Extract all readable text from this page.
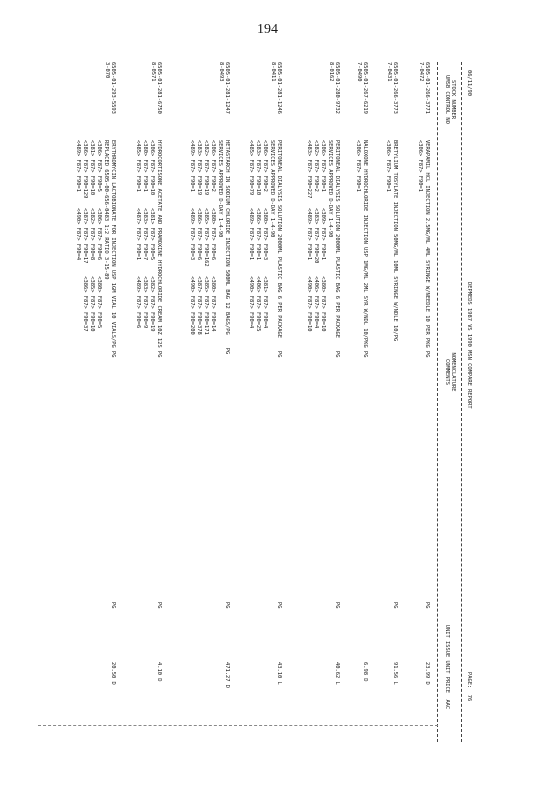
194
06/11/90
DEPMEDS 1987 VS 1990 MSN COMPARE REPORT
PAGE:  76
STOCK NUMBER
UMSB CONTROL NO
NOMENCLATURE
COMMENTS
UNIT ISSUE UNIT PRICE  AAC
6505-01-266-3771
7-0472
VERAPAMIL HCL INJECTION 2.5MG/ML 4ML SYRINGE W/NEEDLE 10 PER PKG PG
<306> F87> F90=1
PG
23.99 D
6505-01-266-3773
7-0431
BRETYLIUM TOSYLATE INJECTION 50MG/ML 10ML SYRINGE W/NDLE 10/PG
<306> F87> F90=1
PG
91.56 L
6505-01-267-6219
7-0490
NALOXONE HYDROCHLORIDE INJECTION USP 1MG/ML 2ML SYR W/NDL 10/PKG PG
<306> F87> F90=1
6.98 D
6505-01-280-9732
8-0162
PERITONEAL DIALYSIS SOLUTION 2000ML PLASTIC BAG 6 PER PACKAGE    PG
SERVICES APPROVED D-DAY 1-4-90
<306> F87> F90=1     <309> F87> F90=1     <380> F87> F90=10
<382> F87> F90=2     <383> F87> F90=20    <406> F87> F90=4
<483> F87> F90=227   <489> F87> F90=1     <490> F87> F90=10
PG
40.62 L
6505-01-281-1246
8-0411
PERITONEAL DIALYSIS SOLUTION 2000ML PLASTIC BAG 6 PER PACKAGE    PG
SERVICES APPROVED D-DAY 1-4-90
<306> F87> F90=2     <380> F87> F90=3     <381> F87> F90=4
<383> F87> F90=10    <386> F87> F90=1     <406> F87> F90=25
<485> F87> F90=79    <489> F87> F90=1     <490> F87> F90=4
PG
43.10 L
6505-01-281-1247
8-0493
HETASTARCH IN SODIUM CHLORIDE INJECTION 500ML BAG 12 BAGS/PG    PG
SERVICES APPROVED D-DAY 1-4-90
<306> F87> F90=2     <380> F87> F90=6     <380> F87> F90=14
<382> F87> F90=19    <385> F87> F90=162   <385> F87> F90=171
<383> F87> F90=19    <386> F87> F90=6     <387> F87> F90=378
<489> F87> F90=1     <489> F87> F90=3     <490> F87> F90=200
PG
471.27 D
6505-01-281-6750
8-0571
HYDROCORTISONE ACETATE AND PRAMOXINE HYDROCHLORIDE CREAM 10Z 12S PG
<306> F87> F90=10    <381> F87> F90=5     <382> F87> F90=19
<380> F87> F90=1     <383> F87> F90=7     <383> F87> F90=9
<485> F87> F90=1     <487> F87> F90=1     <489> F87> F90=6
PG
4.10 D
6505-01-293-5593
3-070
ERYTHROMYCIN LACTOBIONATE FOR INJECTION USP 1GM VIAL 10 VIALS/PG PG
REPLACED 6505-00-656-0483 1:2 RATIO 3-15-89
<306> F87> F90=5     <306> F87> F90=6     <380> F87> F90=5
<381> F87> F90=10    <382> F87> F90=8     <385> F87> F90=10
<386> F87> F90=129   <387> F87> F90=17    <386> F87> F90=37
<489> F87> F90=1     <490> F87> F90=4
PG
20.50 D
